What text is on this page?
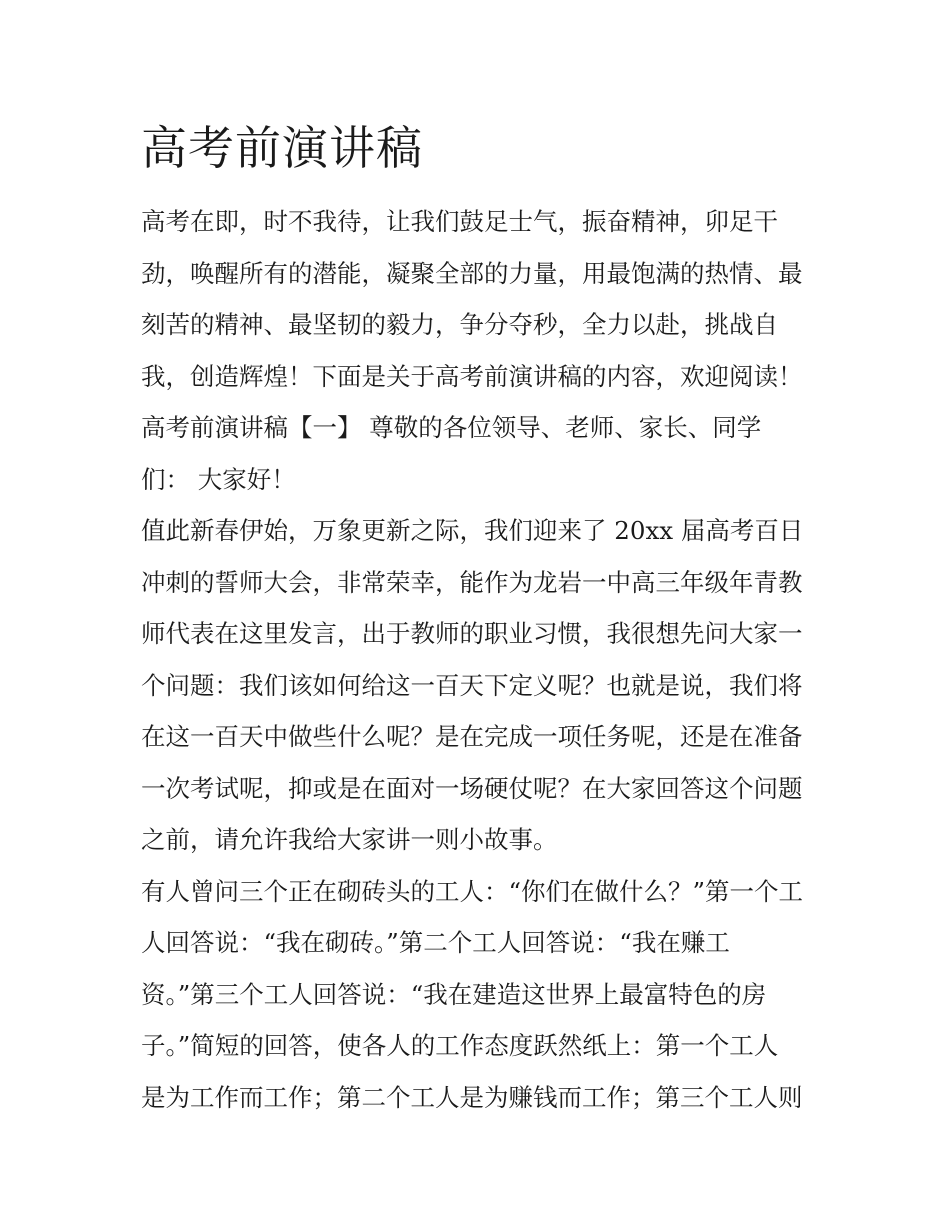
高考前演讲稿
高考在即，时不我待，让我们鼓足士气，振奋精神，卯足干
劲，唤醒所有的潜能，凝聚全部的力量，用最饱满的热情、最
刻苦的精神、最坚韧的毅力，争分夺秒，全力以赴，挑战自
我，创造辉煌！下面是关于高考前演讲稿的内容，欢迎阅读！
高考前演讲稿【一】 尊敬的各位领导、老师、家长、同学
们： 大家好！
值此新春伊始，万象更新之际，我们迎来了 20xx 届高考百日
冲刺的誓师大会，非常荣幸，能作为龙岩一中高三年级年青教
师代表在这里发言，出于教师的职业习惯，我很想先问大家一
个问题：我们该如何给这一百天下定义呢？也就是说，我们将
在这一百天中做些什么呢？是在完成一项任务呢，还是在准备
一次考试呢，抑或是在面对一场硬仗呢？在大家回答这个问题
之前，请允许我给大家讲一则小故事。
有人曾问三个正在砌砖头的工人：“你们在做什么？”第一个工
人回答说：“我在砌砖。”第二个工人回答说：“我在赚工
资。”第三个工人回答说：“我在建造这世界上最富特色的房
子。”简短的回答，使各人的工作态度跃然纸上：第一个工人
是为工作而工作；第二个工人是为赚钱而工作；第三个工人则
